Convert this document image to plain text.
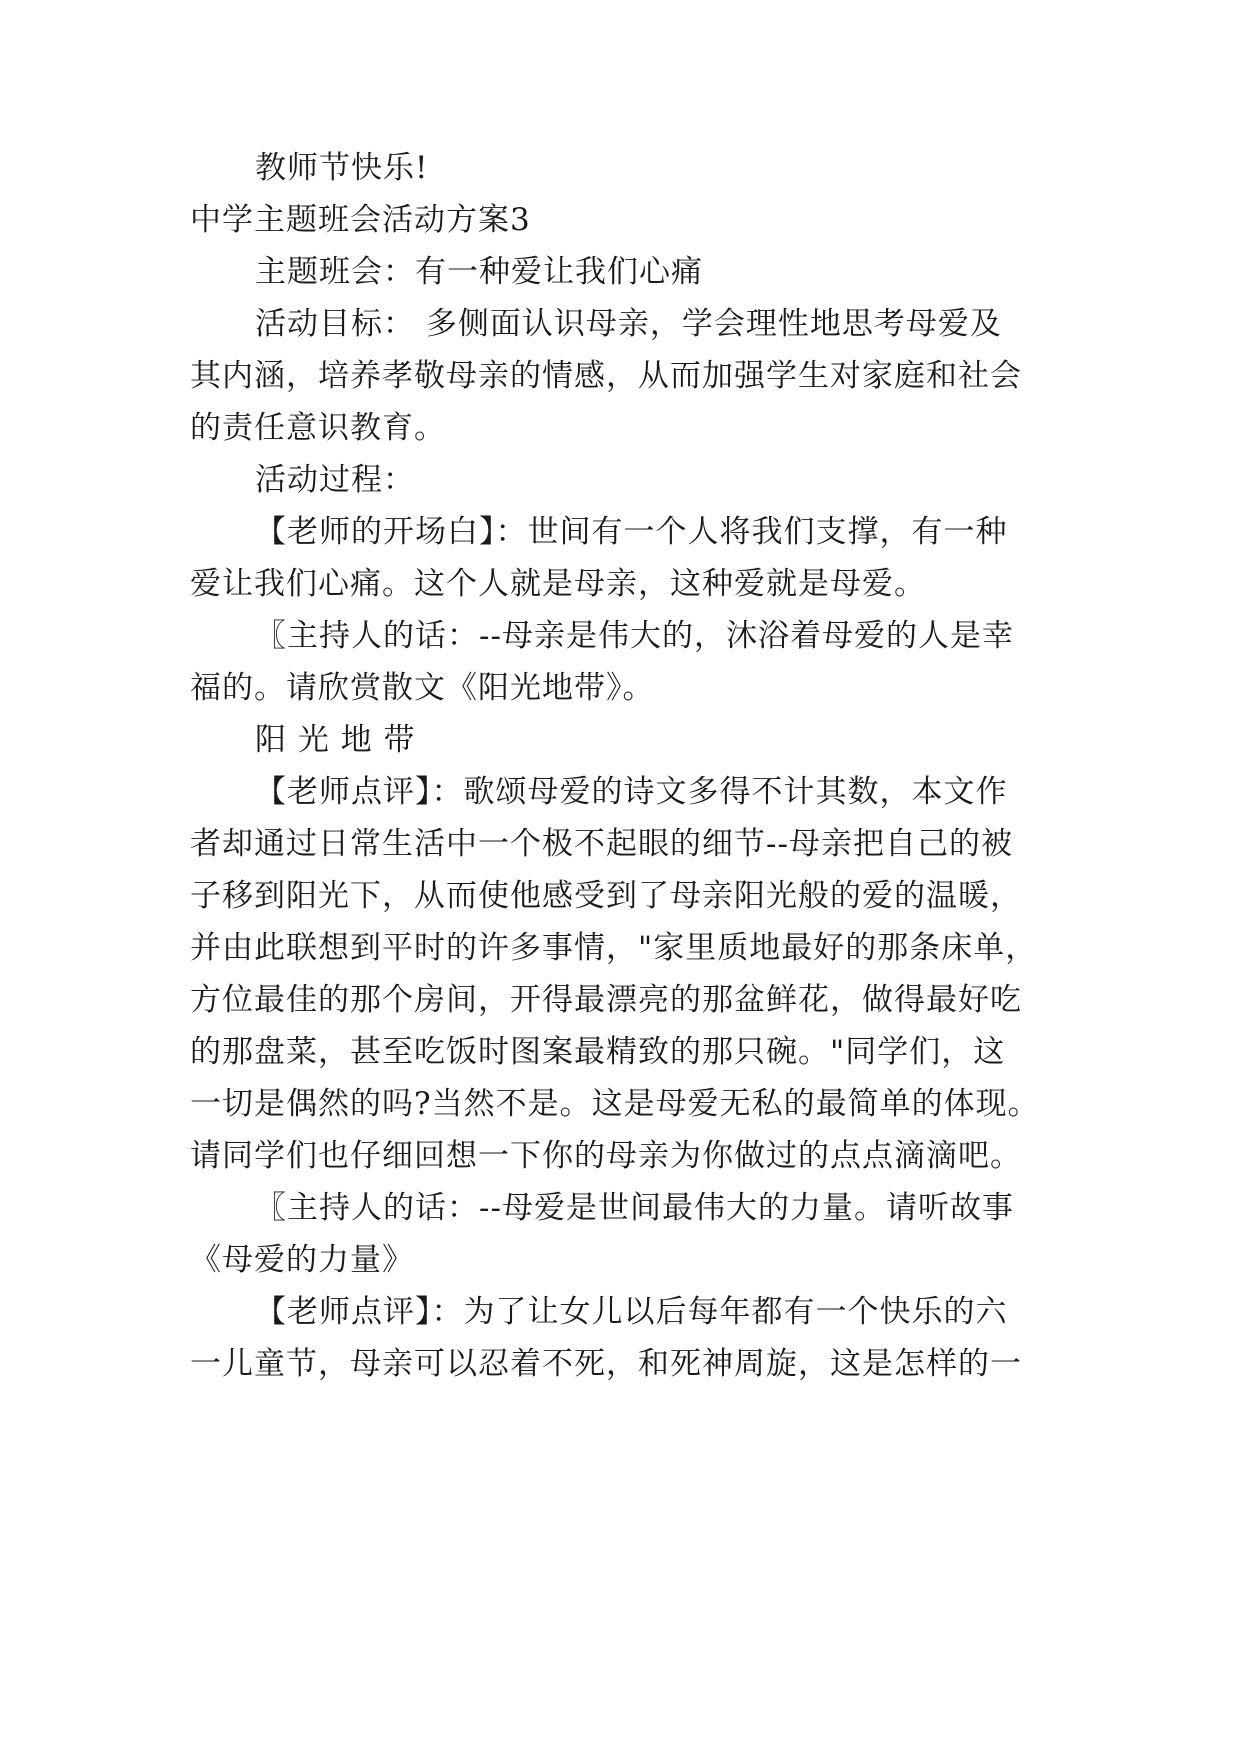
教师节快乐!
中学主题班会活动方案3
主题班会：有一种爱让我们心痛
活动目标： 多侧面认识母亲，学会理性地思考母爱及
其内涵，培养孝敬母亲的情感，从而加强学生对家庭和社会
的责任意识教育。
活动过程：
【老师的开场白】：世间有一个人将我们支撑，有一种
爱让我们心痛。这个人就是母亲，这种爱就是母爱。
〖主持人的话：--母亲是伟大的，沐浴着母爱的人是幸
福的。请欣赏散文《阳光地带》。
阳 光 地 带
【老师点评】：歌颂母爱的诗文多得不计其数，本文作
者却通过日常生活中一个极不起眼的细节--母亲把自己的被
子移到阳光下，从而使他感受到了母亲阳光般的爱的温暖，
并由此联想到平时的许多事情，"家里质地最好的那条床单，
方位最佳的那个房间，开得最漂亮的那盆鲜花，做得最好吃
的那盘菜，甚至吃饭时图案最精致的那只碗。"同学们，这
一切是偶然的吗?当然不是。这是母爱无私的最简单的体现。
请同学们也仔细回想一下你的母亲为你做过的点点滴滴吧。
〖主持人的话：--母爱是世间最伟大的力量。请听故事
《母爱的力量》
【老师点评】：为了让女儿以后每年都有一个快乐的六
一儿童节，母亲可以忍着不死，和死神周旋，这是怎样的一
